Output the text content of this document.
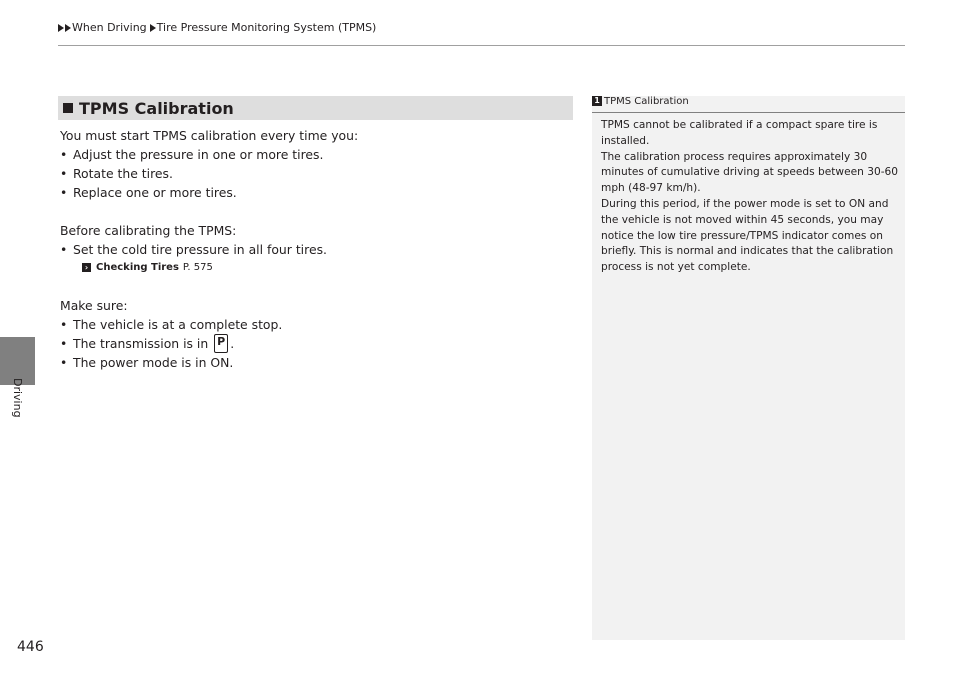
When Driving Tire Pressure Monitoring System (TPMS)
Driving
446
TPMS Calibration

You must start TPMS calibration every time you:

• Adjust the pressure in one or more tires.
• Rotate the tires.
• Replace one or more tires.

Before calibrating the TPMS:

• Set the cold tire pressure in all four tires.
› Checking Tires P. 575

Make sure:

• The vehicle is at a complete stop.
• The transmission is in
P .
• The power mode is in ON.
1 TPMS Calibration
TPMS cannot be calibrated if a compact spare tire is installed.
The calibration process requires approximately 30 minutes of cumulative driving at speeds between 30-60 mph (48-97 km/h).
During this period, if the power mode is set to ON and the vehicle is not moved within 45 seconds, you may notice the low tire pressure/TPMS indicator comes on briefly. This is normal and indicates that the calibration process is not yet complete.
